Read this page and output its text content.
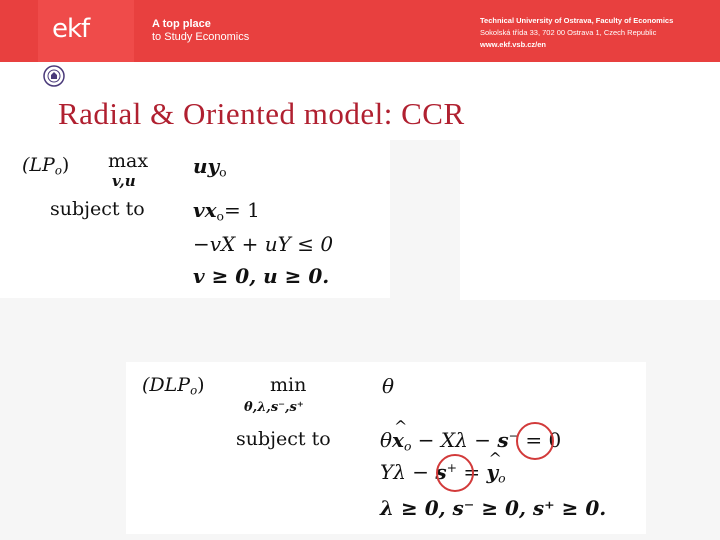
ekf	A top place
to Study Economics
Technical University of Ostrava, Faculty of Economics
Sokolská třída 33, 702 00 Ostrava 1, Czech Republic
www.ekf.vsb.cz/en
Radial & Oriented model: CCR
$(LP_o)$ max
v,u
$uy_o$
subject to $vx_o= 1$
−vX + uY ≤ 0
v ≥ 0, u ≥ 0.
$(DLP_o)$	min
θ,λ,s⁻,s⁺
θ
subject to θ^ $x_o - X\lambda - s^- = 0$
Yλ − s+ = ^ $y_o$
λ ≥ 0, s⁻ ≥ 0, s⁺ ≥ 0.
